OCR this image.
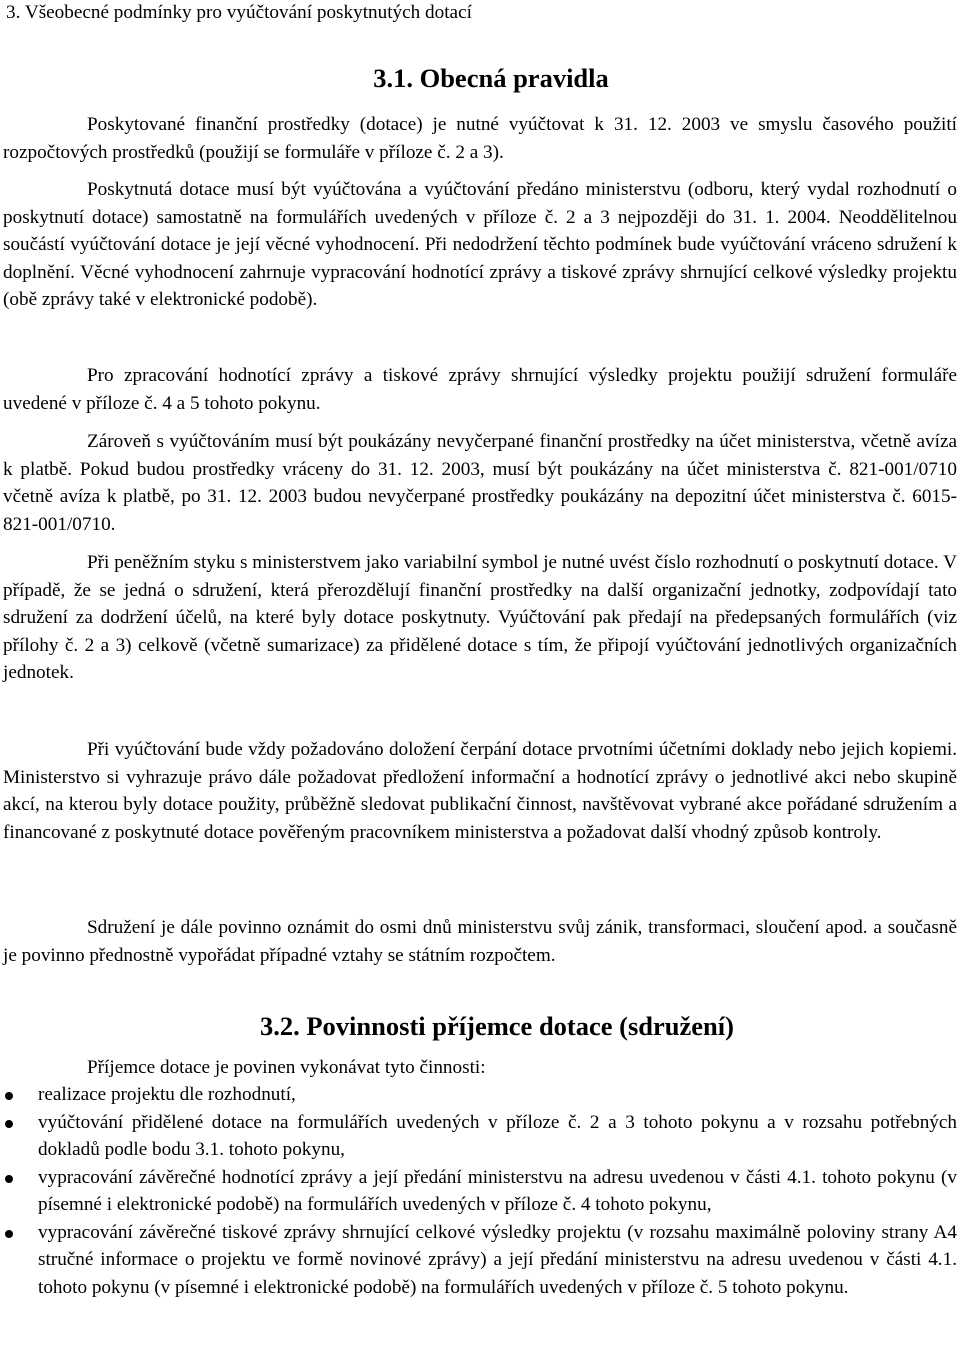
3. Všeobecné podmínky pro vyúčtování poskytnutých dotací

3.1. Obecná pravidla

Poskytované finanční prostředky (dotace) je nutné vyúčtovat k 31. 12. 2003 ve smyslu časového použití rozpočtových prostředků (použijí se formuláře v příloze č. 2 a 3).

Poskytnutá dotace musí být vyúčtována a vyúčtování předáno ministerstvu (odboru, který vydal rozhodnutí o poskytnutí dotace) samostatně na formulářích uvedených v příloze č. 2 a 3 nejpozději do 31. 1. 2004. Neoddělitelnou součástí vyúčtování dotace je její věcné vyhodnocení. Při nedodržení těchto podmínek bude vyúčtování vráceno sdružení k doplnění. Věcné vyhodnocení zahrnuje vypracování hodnotící zprávy a tiskové zprávy shrnující celkové výsledky projektu (obě zprávy také v elektronické podobě).

Pro zpracování hodnotící zprávy a tiskové zprávy shrnující výsledky projektu použijí sdružení formuláře uvedené v příloze č. 4 a 5 tohoto pokynu.

Zároveň s vyúčtováním musí být poukázány nevyčerpané finanční prostředky na účet ministerstva, včetně avíza k platbě. Pokud budou prostředky vráceny do 31. 12. 2003, musí být poukázány na účet ministerstva č. 821-001/0710 včetně avíza k platbě, po 31. 12. 2003 budou nevyčerpané prostředky poukázány na depozitní účet ministerstva č. 6015-821-001/0710.

Při peněžním styku s ministerstvem jako variabilní symbol je nutné uvést číslo rozhodnutí o poskytnutí dotace. V případě, že se jedná o sdružení, která přerozdělují finanční prostředky na další organizační jednotky, zodpovídají tato sdružení za dodržení účelů, na které byly dotace poskytnuty. Vyúčtování pak předají na předepsaných formulářích (viz přílohy č. 2 a 3) celkově (včetně sumarizace) za přidělené dotace s tím, že připojí vyúčtování jednotlivých organizačních jednotek.

Při vyúčtování bude vždy požadováno doložení čerpání dotace prvotními účetními doklady nebo jejich kopiemi. Ministerstvo si vyhrazuje právo dále požadovat předložení informační a hodnotící zprávy o jednotlivé akci nebo skupině akcí, na kterou byly dotace použity, průběžně sledovat publikační činnost, navštěvovat vybrané akce pořádané sdružením a financované z poskytnuté dotace pověřeným pracovníkem ministerstva a požadovat další vhodný způsob kontroly.

Sdružení je dále povinno oznámit do osmi dnů ministerstvu svůj zánik, transformaci, sloučení apod. a současně je povinno přednostně vypořádat případné vztahy se státním rozpočtem.

3.2. Povinnosti příjemce dotace (sdružení)

Příjemce dotace je povinen vykonávat tyto činnosti:

realizace projektu dle rozhodnutí,
vyúčtování přidělené dotace na formulářích uvedených v příloze č. 2 a 3 tohoto pokynu a v rozsahu potřebných dokladů podle bodu 3.1. tohoto pokynu,
vypracování závěrečné hodnotící zprávy a její předání ministerstvu na adresu uvedenou v části 4.1. tohoto pokynu (v písemné i elektronické podobě) na formulářích uvedených v příloze č. 4 tohoto pokynu,
vypracování závěrečné tiskové zprávy shrnující celkové výsledky projektu (v rozsahu maximálně poloviny strany A4 stručné informace o projektu ve formě novinové zprávy) a její předání ministerstvu na adresu uvedenou v části 4.1. tohoto pokynu (v písemné i elektronické podobě) na formulářích uvedených v příloze č. 5 tohoto pokynu.
